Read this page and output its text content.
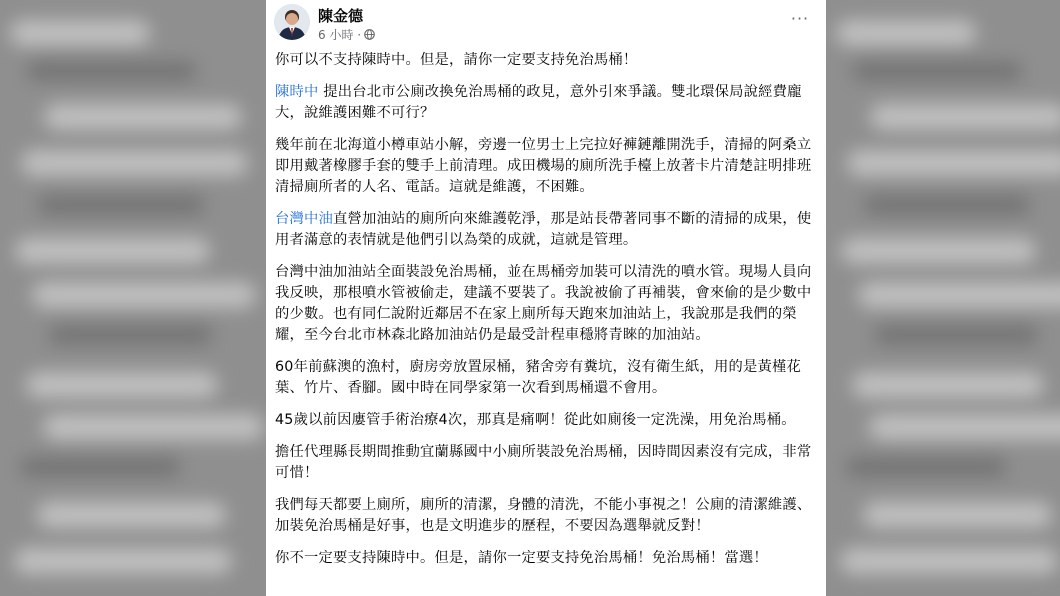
陳金德
6 小時 ·
···

你可以不支持陳時中。但是，請你一定要支持免治馬桶！

陳時中 提出台北市公廁改換免治馬桶的政見，意外引來爭議。雙北環保局說經費龐大，說維護困難不可行？

幾年前在北海道小樽車站小解，旁邊一位男士上完拉好褲鏈離開洗手，清掃的阿桑立即用戴著橡膠手套的雙手上前清理。成田機場的廁所洗手檯上放著卡片清楚註明排班清掃廁所者的人名、電話。這就是維護，不困難。

台灣中油直營加油站的廁所向來維護乾淨，那是站長帶著同事不斷的清掃的成果，使用者滿意的表情就是他們引以為榮的成就，這就是管理。

台灣中油加油站全面裝設免治馬桶，並在馬桶旁加裝可以清洗的噴水管。現場人員向我反映，那根噴水管被偷走，建議不要裝了。我說被偷了再補裝，會來偷的是少數中的少數。也有同仁說附近鄰居不在家上廁所每天跑來加油站上，我說那是我們的榮耀，至今台北市林森北路加油站仍是最受計程車穩將青睞的加油站。

60年前蘇澳的漁村，廚房旁放置尿桶，豬舍旁有糞坑，沒有衛生紙，用的是黃槿花葉、竹片、香腳。國中時在同學家第一次看到馬桶還不會用。

45歲以前因廔管手術治療4次，那真是痛啊！從此如廁後一定洗澡，用免治馬桶。

擔任代理縣長期間推動宜蘭縣國中小廁所裝設免治馬桶，因時間因素沒有完成，非常可惜！

我們每天都要上廁所，廁所的清潔，身體的清洗，不能小事視之！公廁的清潔維護、加裝免治馬桶是好事，也是文明進步的歷程，不要因為選舉就反對！

你不一定要支持陳時中。但是，請你一定要支持免治馬桶！免治馬桶！當選！
